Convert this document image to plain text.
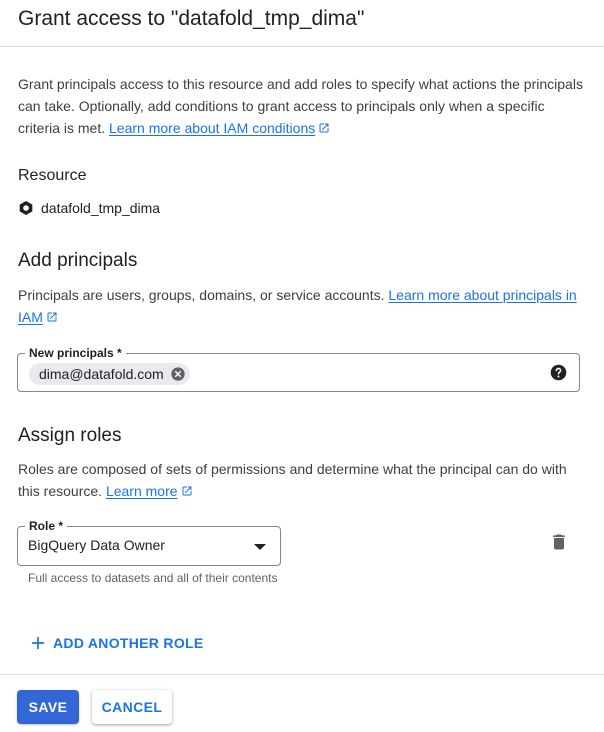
Grant access to "datafold_tmp_dima"
Grant principals access to this resource and add roles to specify what actions the principals can take. Optionally, add conditions to grant access to principals only when a specific criteria is met. Learn more about IAM conditions
Resource
datafold_tmp_dima
Add principals
Principals are users, groups, domains, or service accounts. Learn more about principals in IAM
New principals *
dima@datafold.com
Assign roles
Roles are composed of sets of permissions and determine what the principal can do with this resource. Learn more
Role *
BigQuery Data Owner
Full access to datasets and all of their contents
ADD ANOTHER ROLE
SAVE	CANCEL
